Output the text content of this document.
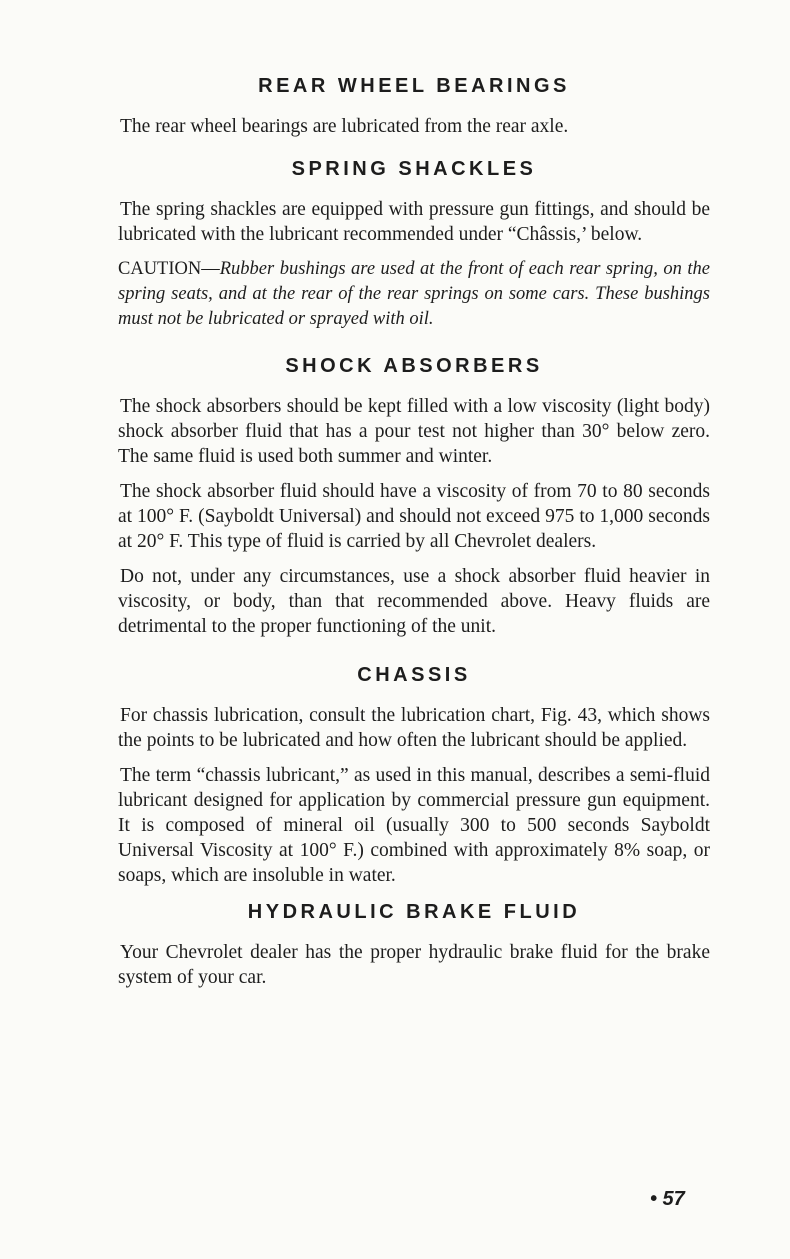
REAR WHEEL BEARINGS

The rear wheel bearings are lubricated from the rear axle.

SPRING SHACKLES

The spring shackles are equipped with pressure gun fittings, and should be lubricated with the lubricant recommended under “Châssis,’ below.

CAUTION—Rubber bushings are used at the front of each rear spring, on the spring seats, and at the rear of the rear springs on some cars. These bushings must not be lubricated or sprayed with oil.

SHOCK ABSORBERS

The shock absorbers should be kept filled with a low viscosity (light body) shock absorber fluid that has a pour test not higher than 30° below zero. The same fluid is used both summer and winter.

The shock absorber fluid should have a viscosity of from 70 to 80 seconds at 100° F. (Sayboldt Universal) and should not exceed 975 to 1,000 seconds at 20° F. This type of fluid is carried by all Chevrolet dealers.

Do not, under any circumstances, use a shock absorber fluid heavier in viscosity, or body, than that recommended above. Heavy fluids are detrimental to the proper functioning of the unit.

CHASSIS

For chassis lubrication, consult the lubrication chart, Fig. 43, which shows the points to be lubricated and how often the lubricant should be applied.

The term “chassis lubricant,” as used in this manual, describes a semi-fluid lubricant designed for application by commercial pressure gun equipment. It is composed of mineral oil (usually 300 to 500 seconds Sayboldt Universal Viscosity at 100° F.) combined with approximately 8% soap, or soaps, which are insoluble in water.

HYDRAULIC BRAKE FLUID

Your Chevrolet dealer has the proper hydraulic brake fluid for the brake system of your car.

• 57
